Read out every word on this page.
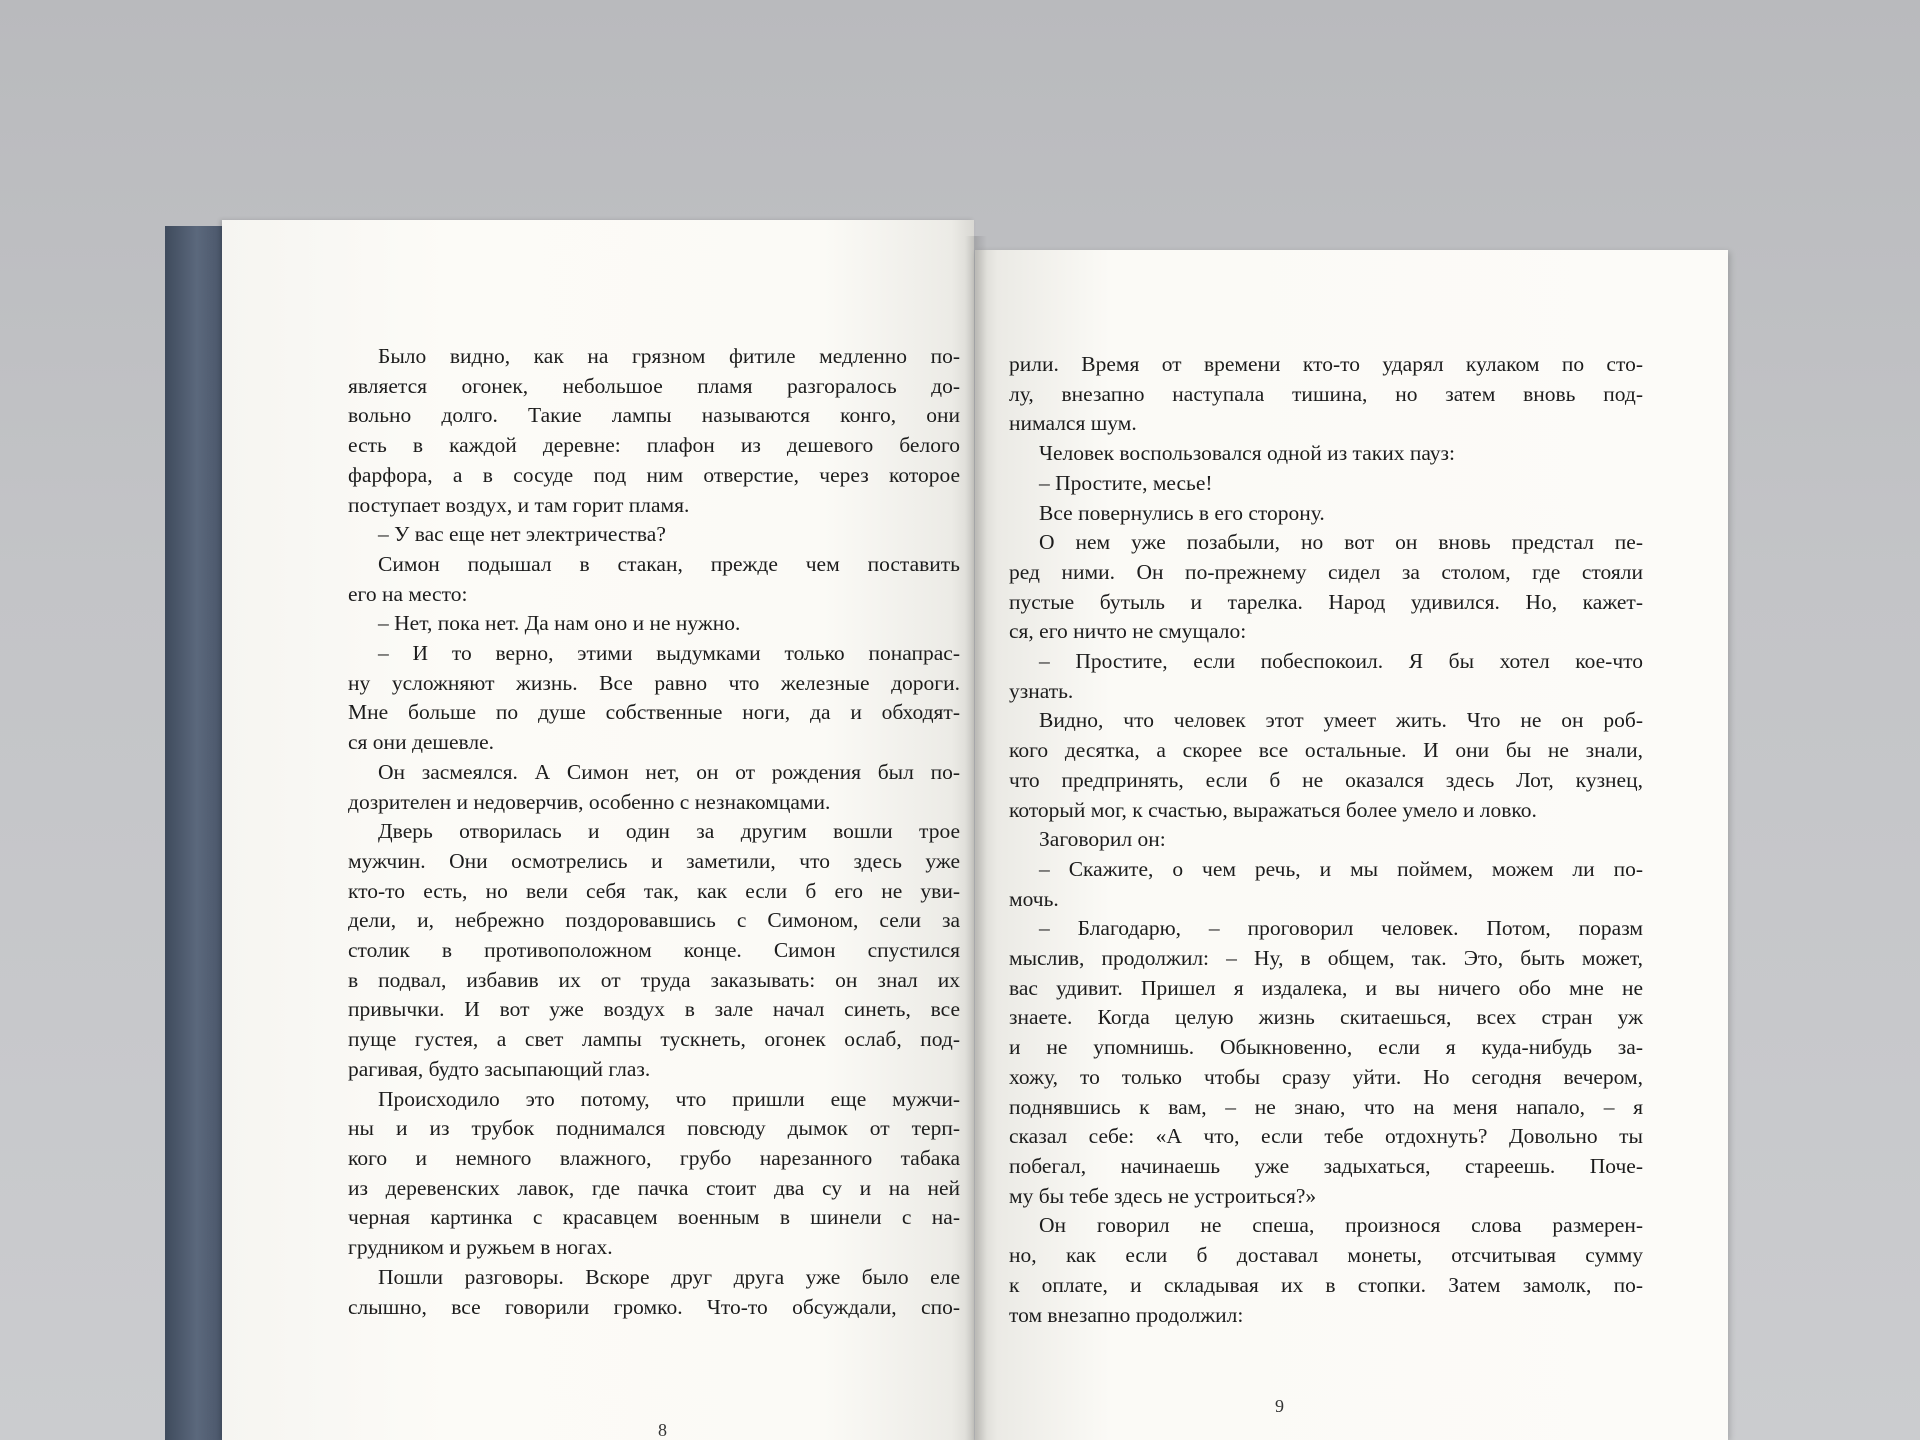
Было видно, как на грязном фитиле медленно по-
является огонек, небольшое пламя разгоралось до-
вольно долго. Такие лампы называются конго, они
есть в каждой деревне: плафон из дешевого белого
фарфора, а в сосуде под ним отверстие, через которое
поступает воздух, и там горит пламя.
– У вас еще нет электричества?
Симон подышал в стакан, прежде чем поставить
его на место:
– Нет, пока нет. Да нам оно и не нужно.
– И то верно, этими выдумками только понапрас-
ну усложняют жизнь. Все равно что железные дороги.
Мне больше по душе собственные ноги, да и обходят-
ся они дешевле.
Он засмеялся. А Симон нет, он от рождения был по-
дозрителен и недоверчив, особенно с незнакомцами.
Дверь отворилась и один за другим вошли трое
мужчин. Они осмотрелись и заметили, что здесь уже
кто-то есть, но вели себя так, как если б его не уви-
дели, и, небрежно поздоровавшись с Симоном, сели за
столик в противоположном конце. Симон спустился
в подвал, избавив их от труда заказывать: он знал их
привычки. И вот уже воздух в зале начал синеть, все
пуще густея, а свет лампы тускнеть, огонек ослаб, под-
рагивая, будто засыпающий глаз.
Происходило это потому, что пришли еще мужчи-
ны и из трубок поднимался повсюду дымок от терп-
кого и немного влажного, грубо нарезанного табака
из деревенских лавок, где пачка стоит два су и на ней
черная картинка с красавцем военным в шинели с на-
грудником и ружьем в ногах.
Пошли разговоры. Вскоре друг друга уже было еле
слышно, все говорили громко. Что-то обсуждали, спо-
8
рили. Время от времени кто-то ударял кулаком по сто-
лу, внезапно наступала тишина, но затем вновь под-
нимался шум.
Человек воспользовался одной из таких пауз:
– Простите, месье!
Все повернулись в его сторону.
О нем уже позабыли, но вот он вновь предстал пе-
ред ними. Он по-прежнему сидел за столом, где стояли
пустые бутыль и тарелка. Народ удивился. Но, кажет-
ся, его ничто не смущало:
– Простите, если побеспокоил. Я бы хотел кое-что
узнать.
Видно, что человек этот умеет жить. Что не он роб-
кого десятка, а скорее все остальные. И они бы не знали,
что предпринять, если б не оказался здесь Лот, кузнец,
который мог, к счастью, выражаться более умело и ловко.
Заговорил он:
– Скажите, о чем речь, и мы поймем, можем ли по-
мочь.
– Благодарю, – проговорил человек. Потом, поразм
мыслив, продолжил: – Ну, в общем, так. Это, быть может,
вас удивит. Пришел я издалека, и вы ничего обо мне не
знаете. Когда целую жизнь скитаешься, всех стран уж
и не упомнишь. Обыкновенно, если я куда-нибудь за-
хожу, то только чтобы сразу уйти. Но сегодня вечером,
поднявшись к вам, – не знаю, что на меня напало, – я
сказал себе: «А что, если тебе отдохнуть? Довольно ты
побегал, начинаешь уже задыхаться, стареешь. Поче-
му бы тебе здесь не устроиться?»
Он говорил не спеша, произнося слова размерен-
но, как если б доставал монеты, отсчитывая сумму
к оплате, и складывая их в стопки. Затем замолк, по-
том внезапно продолжил:
9
